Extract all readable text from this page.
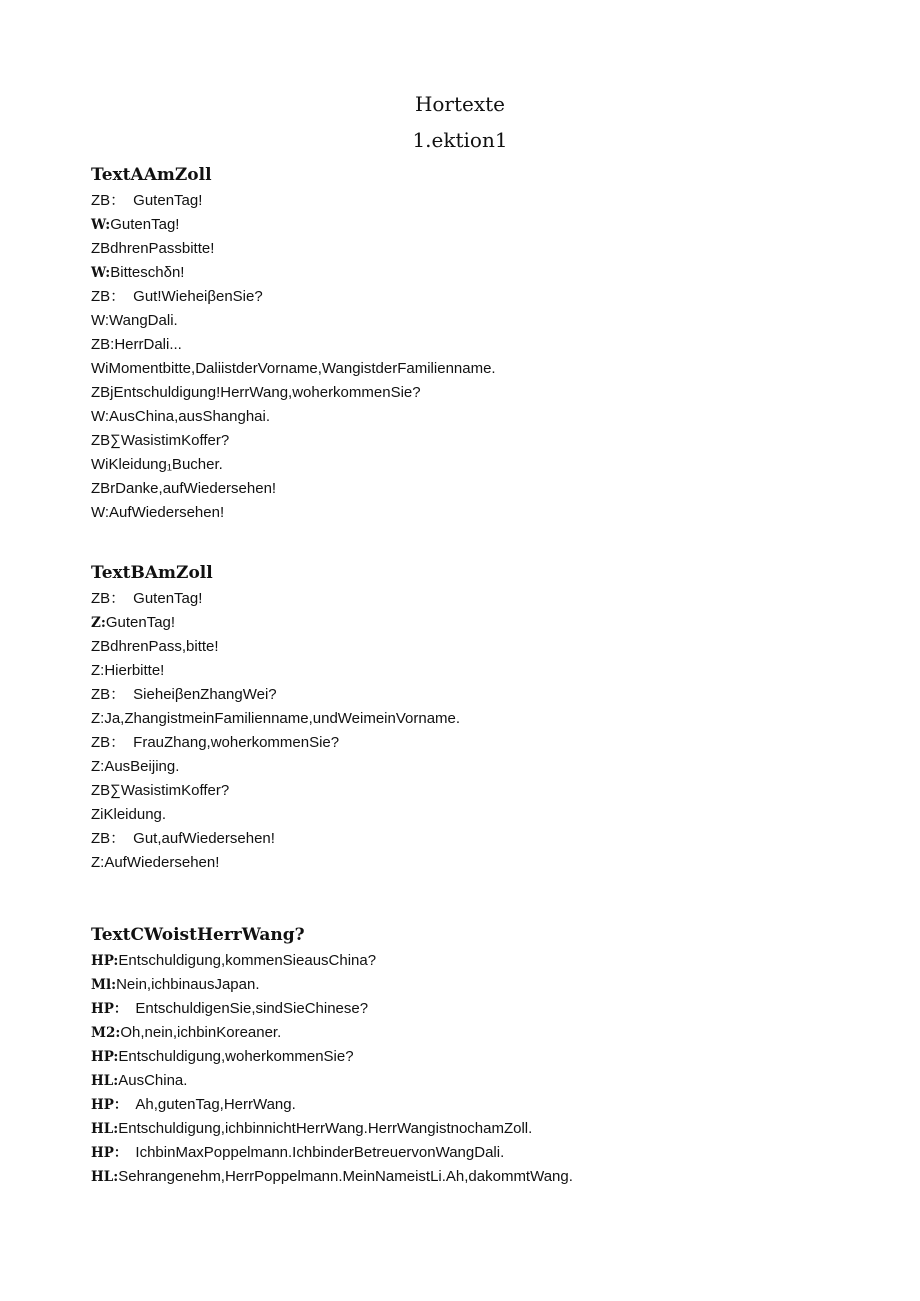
Hortexte
1.ektion1
TextAAmZoll
ZB： GutenTag!
W:GutenTag!
ZBdhrenPassbitte!
W:Bitteschδn!
ZB： Gut!WieheiβenSie?
W:WangDali.
ZB:HerrDali...
WiMomentbitte,DaliistderVorname,WangistderFamilienname.
ZBjEntschuldigung!HerrWang,woherkommenSie?
W:AusChina,ausShanghai.
ZB∑WasistimKoffer?
WiKleidung₁Bucher.
ZBrDanke,aufWiedersehen!
W:AufWiedersehen!
TextBAmZoll
ZB： GutenTag!
Z:GutenTag!
ZBdhrenPass,bitte!
Z:Hierbitte!
ZB： SieheiβenZhangWei?
Z:Ja,ZhangistmeinFamilienname,undWeimeinVorname.
ZB： FrauZhang,woherkommenSie?
Z:AusBeijing.
ZB∑WasistimKoffer?
ZiKleidung.
ZB： Gut,aufWiedersehen!
Z:AufWiedersehen!
TextCWoistHerrWang?
HP:Entschuldigung,kommenSieausChina?
Ml:Nein,ichbinausJapan.
HP： EntschuldigenSie,sindSieChinese?
M2:Oh,nein,ichbinKoreaner.
HP:Entschuldigung,woherkommenSie?
HL:AusChina.
HP： Ah,gutenTag,HerrWang.
HL:Entschuldigung,ichbinnichtHerrWang.HerrWangistnochamZoll.
HP： IchbinMaxPoppelmann.IchbinderBetreuervonWangDali.
HL:Sehrangenehm,HerrPoppelmann.MeinNameistLi.Ah,dakommtWang.
